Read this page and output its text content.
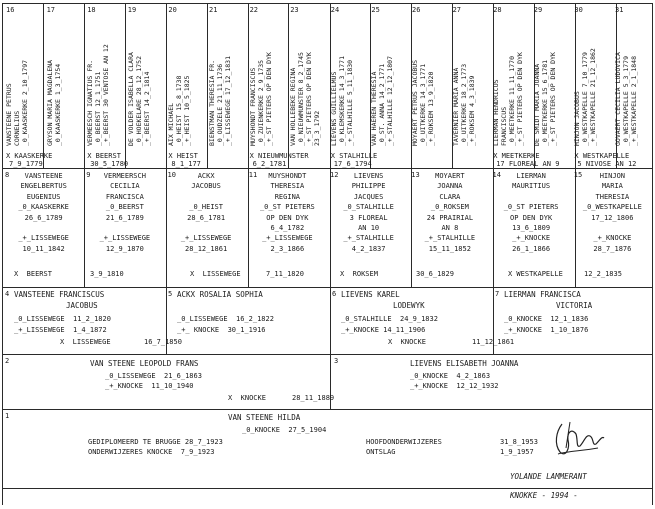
16
VANSTEENE PETRUS CORNELIUS _0_KAASKERKE 2_10_1797
X KAASKERKE
7_9_1779
17
GRYSON MARIA MAGDALENA _0_KAASKERKE 1_3_1754
18
VERMEESCH IGNATIUS FR. _0_BEERST 12_1_1751 _+_BEERST 30 VENTOSE AN 12
X BEERST
30_5_1780
19
DE VOLDER ISABELLA CLARA _0_HOEKELARE 28_12_1752 _+_BEERST 14_2_1814
20
AIX MICHAEL _0_HEIST 15_8_1738 _+_HEIST 10_5_1825
X HEIST
8_1_177
21
BIENSTMAN THERESIA FR. _0_OUDZELE 21_11_1736 _+_LISSEWEGE 17_12_1831
22
MUYSHONDT FRANCISCUS _0_ZUIENKERKE 2_9_1735 _+_ST PIETERS OP DEN DYK
X NIEUWMUNSTER
6_2_1781
23
VAN HOLLEBEKE REGINA _0_NIEUWMUNSTER 8_2_1745 _+_ST PIETERS OP DEN DYK 23_3_1792
24
LIEVENS GUILLIELMUS _0_KLEMSKERKE 14_3_1771 _+_STALHILLE 5_11_1830
X STALHILLE
17_6_1794
25
VAN HAEREN THERESIA _0_ST. ANNA 14_2_1771 _+_STALHILLE 12_12_1807
26
MOYAERT PETRUS JACOBUS _0_UITKERKE 14_3_1771 _+_ROKSEM 13_9_1820
27
TAVERNIER MARIA ANNA _0_UITKERKE 18_2_1773 _+_ROKSEM 4_3_1839
28
LIERMAN HENDRICUS FRANCISCUS _0_MEETKERKE 11_11_1770 _+_ST PIETERS OP DEN DYK
X MEETKERKE
17 FLOREAL AN 9
29
DE SMIDT MARIA JOANNA _0_MEETKERKE 15_6_1781 _+_ST PIETERS OP DEN DYK
30
HINJON JACOBUS _0_WESTKAPELLE 7_10_1779 _+_WESTKAPELLE 21_12_1862
X WESTKAPELLE
5 NIVOSE AN 12
31
GOVAERT CECILIA LUDOVICA _0_WESTKAPELLE 5_3_1779 _+_WESTKAPELLE 2_1_1848
8	VANSTEENE
ENGELBERTUS
EUGENIUS
_0_KAASKERKE
26_6_1789
_+_LISSEWEGE
10_11_1842
9	VERMEERSCH
CECILIA
FRANCISCA
_0_BEERST
21_6_1789
_+_LISSEWEGE
12_9_1870
10	ACKX
JACOBUS
_0_HEIST
28_6_1781
_+_LISSEWEGE
28_12_1861
11	MUYSHONDT
THERESIA
REGINA
_0_ST PIETERS
OP DEN DYK
6_4_1782
_+_LISSEWEGE
2_3_1866
12	LIEVENS
PHILIPPE
JACQUES
_0_STALHILLE
3 FLOREAL
AN 10
_+_STALHILLE
4_2_1837
13	MOYAERT
JOANNA
CLARA
_0_ROKSEM
24 PRAIRIAL
AN 8
_+_STALHILLE
15_11_1852
14	LIERMAN
MAURITIUS
_0_ST PIETERS
OP DEN DYK
13_6_1809
_+_KNOCKE
26_1_1866
15	HINJON
MARIA
THERESIA
_0_WESTKAPELLE
17_12_1806
_+_KNOCKE
28_7_1876
X  BEERST	3_9_1810	X  LISSEWEGE	7_11_1820	X  ROKSEM	30_6_1829	X WESTKAPELLE	12_2_1835
4 VANSTEENE FRANCISCUS
JACOBUS
_0_LISSEWEGE  11_2_1820
_+_LISSEWEGE  1_4_1872
5 ACKX ROSALIA SOPHIA
_0_LISSEWEGE  16_2_1822
_+_ KNOCKE  30_1_1916
6 LIEVENS KAREL
LODEWYK
_0_STALHILLE  24_9_1832
_+_KNOCKE 14_11_1906
7 LIERMAN FRANCISCA
VICTORIA
_0_KNOCKE  12_1_1836
_+_KNOCKE  1_10_1876
X  LISSEWEGE	16_7_1850	X  KNOCKE	11_12_1861
2	VAN STEENE LEOPOLD FRANS
_0_LISSEWEGE  21_6_1863
_+_KNOCKE  11_10_1940
3	LIEVENS ELISABETH JOANNA
_0_KNOCKE  4_2_1863
_+_KNOCKE  12_12_1932
X  KNOCKE	28_11_1889
1	VAN STEENE HILDA
_0_KNOCKE  27_5_1904
GEDIPLOMEERD TE BRUGGE 28_7_1923	HOOFDONDERWIJZERES	31_8_1953
ONDERWIJZERES KNOCKE  7_9_1923	ONTSLAG	1_9_1957
YOLANDE LAMMERANT
KNOKKE - 1994 -
